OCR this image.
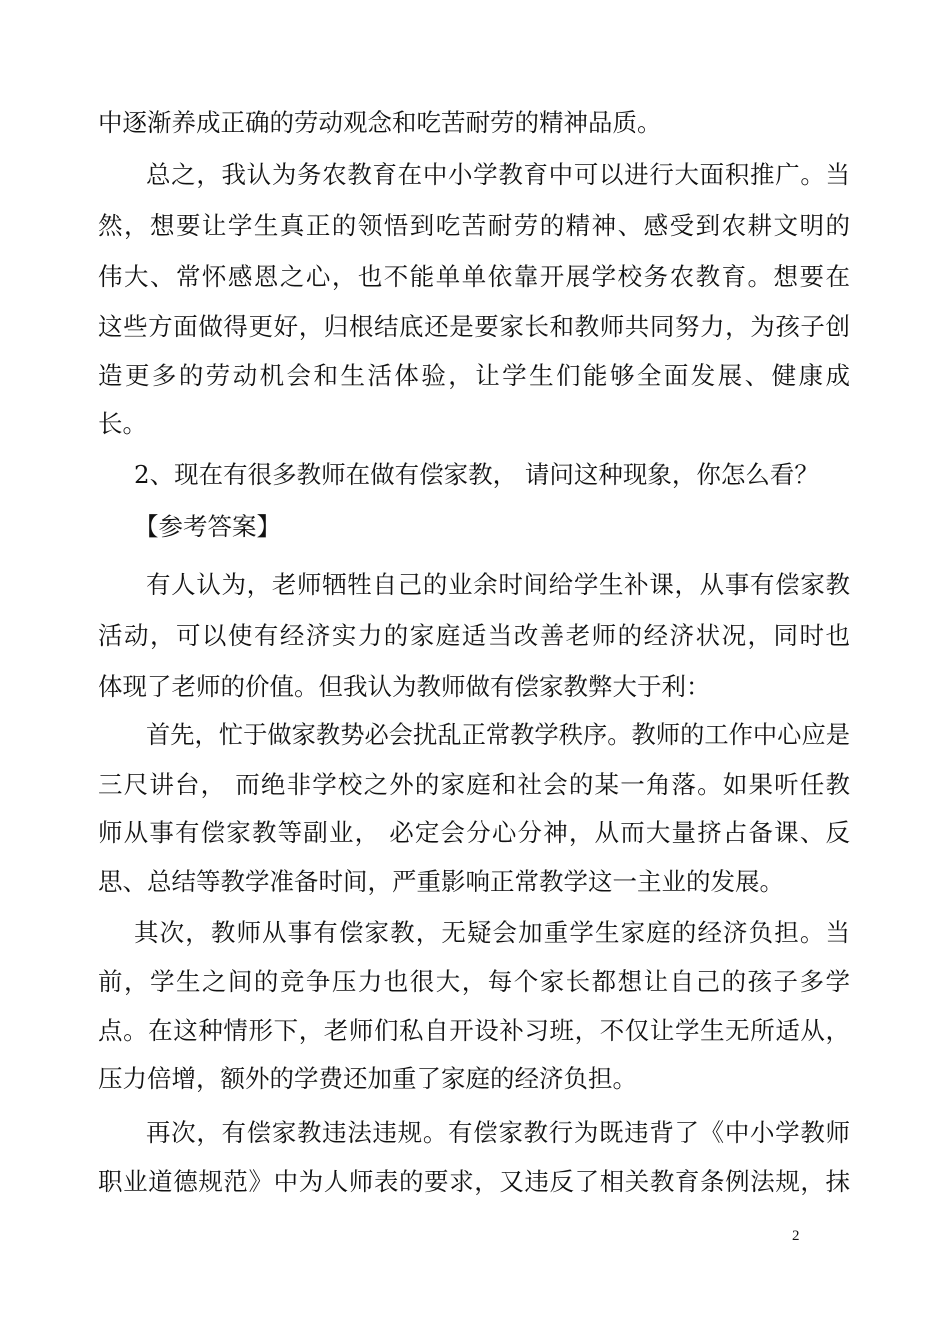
中逐渐养成正确的劳动观念和吃苦耐劳的精神品质。
总之，我认为务农教育在中小学教育中可以进行大面积推广。当
然，想要让学生真正的领悟到吃苦耐劳的精神、感受到农耕文明的
伟大、常怀感恩之心，也不能单单依靠开展学校务农教育。想要在
这些方面做得更好，归根结底还是要家长和教师共同努力，为孩子创
造更多的劳动机会和生活体验，让学生们能够全面发展、健康成
长。
2、现在有很多教师在做有偿家教， 请问这种现象，你怎么看？
【参考答案】
有人认为，老师牺牲自己的业余时间给学生补课，从事有偿家教
活动，可以使有经济实力的家庭适当改善老师的经济状况，同时也
体现了老师的价值。但我认为教师做有偿家教弊大于利：
首先，忙于做家教势必会扰乱正常教学秩序。教师的工作中心应是
三尺讲台， 而绝非学校之外的家庭和社会的某一角落。如果听任教
师从事有偿家教等副业， 必定会分心分神，从而大量挤占备课、反
思、总结等教学准备时间，严重影响正常教学这一主业的发展。
其次，教师从事有偿家教，无疑会加重学生家庭的经济负担。当
前，学生之间的竞争压力也很大，每个家长都想让自己的孩子多学
点。在这种情形下，老师们私自开设补习班，不仅让学生无所适从，
压力倍增，额外的学费还加重了家庭的经济负担。
再次，有偿家教违法违规。有偿家教行为既违背了《中小学教师
职业道德规范》中为人师表的要求，又违反了相关教育条例法规，抹
2
